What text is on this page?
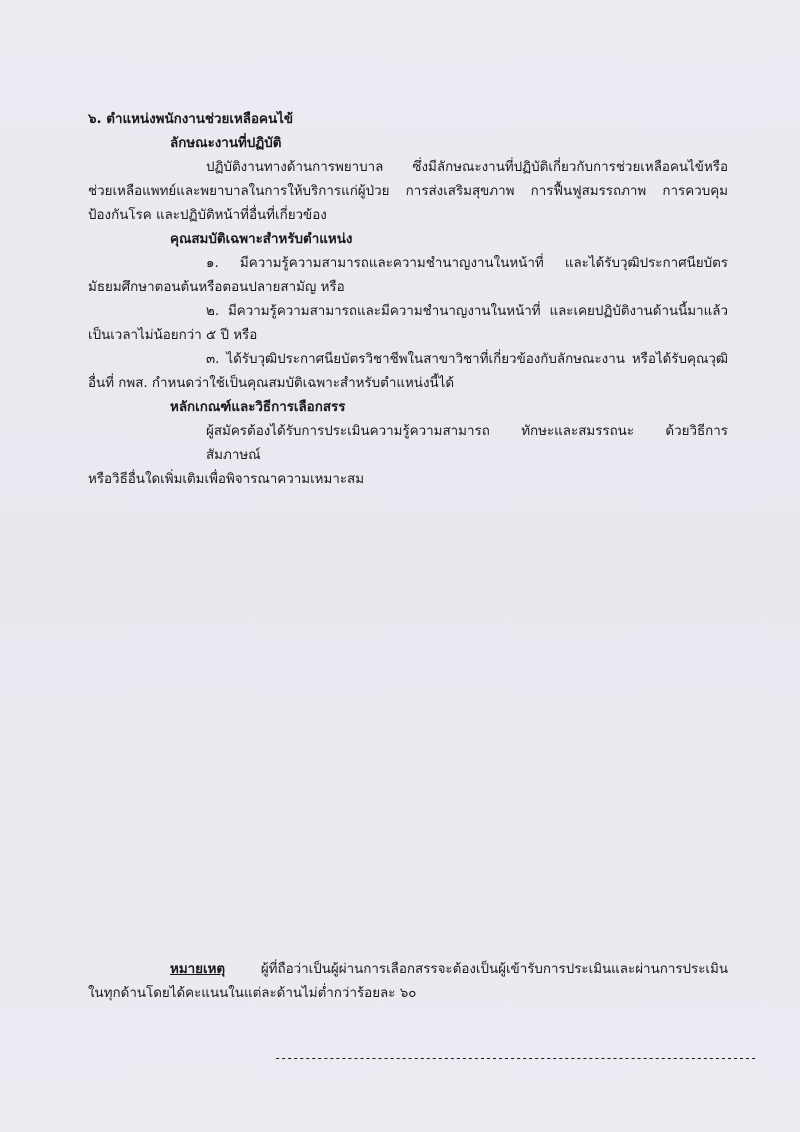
๖. ตำแหน่งพนักงานช่วยเหลือคนไข้
ลักษณะงานที่ปฏิบัติ
ปฏิบัติงานทางด้านการพยาบาล ซึ่งมีลักษณะงานที่ปฏิบัติเกี่ยวกับการช่วยเหลือคนไข้หรือ
ช่วยเหลือแพทย์และพยาบาลในการให้บริการแก่ผู้ป่วย การส่งเสริมสุขภาพ การฟื้นฟูสมรรถภาพ การควบคุม
ป้องกันโรค และปฏิบัติหน้าที่อื่นที่เกี่ยวข้อง
คุณสมบัติเฉพาะสำหรับตำแหน่ง
๑. มีความรู้ความสามารถและความชำนาญงานในหน้าที่ และได้รับวุฒิประกาศนียบัตร
มัธยมศึกษาตอนต้นหรือตอนปลายสามัญ หรือ
๒. มีความรู้ความสามารถและมีความชำนาญงานในหน้าที่ และเคยปฏิบัติงานด้านนี้มาแล้ว
เป็นเวลาไม่น้อยกว่า ๕ ปี หรือ
๓. ได้รับวุฒิประกาศนียบัตรวิชาชีพในสาขาวิชาที่เกี่ยวข้องกับลักษณะงาน หรือได้รับคุณวุฒิ
อื่นที่ กพส. กำหนดว่าใช้เป็นคุณสมบัติเฉพาะสำหรับตำแหน่งนี้ได้
หลักเกณฑ์และวิธีการเลือกสรร
ผู้สมัครต้องได้รับการประเมินความรู้ความสามารถ ทักษะและสมรรถนะ ด้วยวิธีการสัมภาษณ์
หรือวิธีอื่นใดเพิ่มเติมเพื่อพิจารณาความเหมาะสม
หมายเหตุ ผู้ที่ถือว่าเป็นผู้ผ่านการเลือกสรรจะต้องเป็นผู้เข้ารับการประเมินและผ่านการประเมิน
ในทุกด้านโดยได้คะแนนในแต่ละด้านไม่ต่ำกว่าร้อยละ ๖๐
--------------------------------------------------------------------------------
